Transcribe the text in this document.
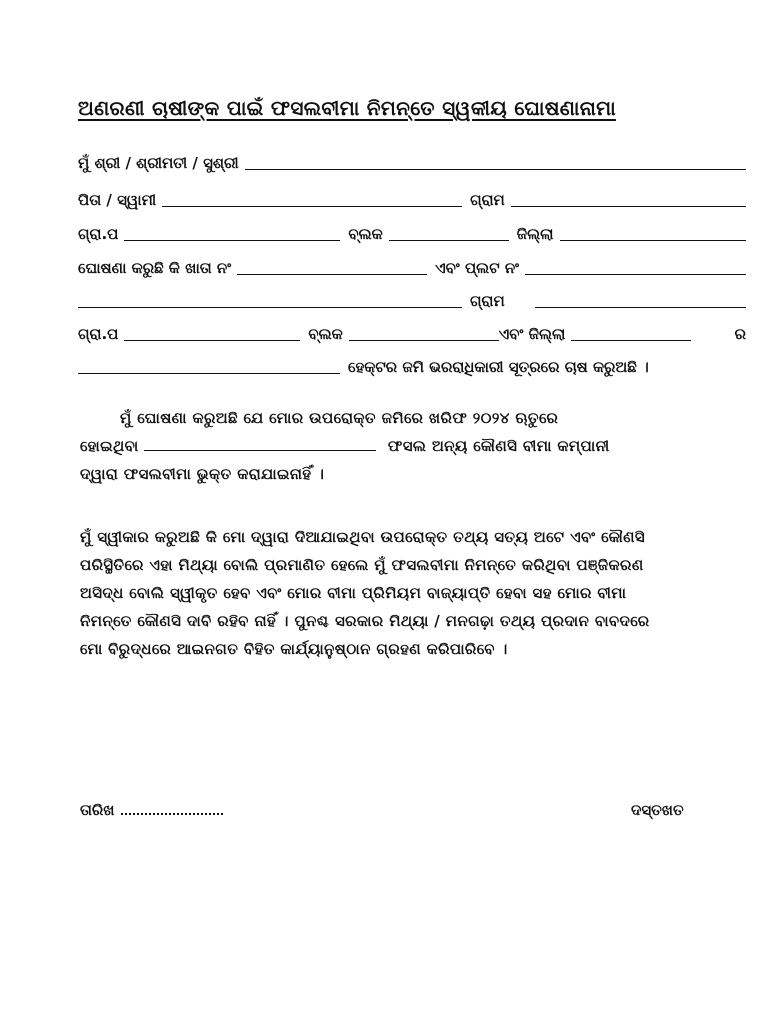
ଅଣରଣୀ ଚାଷୀଙ୍କ ପାଇଁ ଫସଲବୀମା ନିମନ୍ତେ ସ୍ୱକୀୟ ଘୋଷଣାନାମା
ମୁଁ ଶ୍ରୀ / ଶ୍ରୀମତୀ / ସୁଶ୍ରୀ
ପିତା / ସ୍ୱାମୀ	ଗ୍ରାମ
ଗ୍ରା.ପ	ବ୍ଲକ	ଜିଲ୍ଲା
ଘୋଷଣା କରୁଛି କି ଖାତା ନଂ	ଏବଂ ପ୍ଲଟ ନଂ
ଗ୍ରାମ
ଗ୍ରା.ପ	ବ୍ଲକ	ଏବଂ ଜିଲ୍ଲା	ର
ହେକ୍ଟର ଜମି ଭରରାଧିକାରୀ ସୂତ୍ରରେ ଚାଷ କରୁଅଛି ।
ମୁଁ ଘୋଷଣା କରୁଅଛି ଯେ ମୋର ଉପରୋକ୍ତ ଜମିରେ ଖରିଫ ୨୦୨୪ ଋତୁରେ
ହୋଇଥିବା	ଫସଲ ଅନ୍ୟ କୌଣସି ବୀମା କମ୍ପାନୀ
ଦ୍ୱାରା ଫସଲବୀମା ଭୁକ୍ତ କରାଯାଇନାହିଁ ।
ମୁଁ ସ୍ୱୀକାର କରୁଅଛି କି ମୋ ଦ୍ୱାରା ଦିଆଯାଇଥିବା ଉପରୋକ୍ତ ତଥ୍ୟ ସତ୍ୟ ଅଟେ ଏବଂ କୌଣସି
ପରିସ୍ଥିତିରେ ଏହା ମିଥ୍ୟା ବୋଲି ପ୍ରମାଣିତ ହେଲେ ମୁଁ ଫସଲବୀମା ନିମନ୍ତେ କରିଥିବା ପଞ୍ଜିକରଣ
ଅସିଦ୍ଧ ବୋଲି ସ୍ୱୀକୃତ ହେବ ଏବଂ ମୋର ବୀମା ପ୍ରିମିୟମ ବାଜ୍ୟାପ୍ତି ହେବା ସହ ମୋର ବୀମା
ନିମନ୍ତେ କୌଣସି ଦାବି ରହିବ ନାହିଁ । ପୁନଶ୍ଚ ସରକାର ମିଥ୍ୟା / ମନଗଢ଼ା ତଥ୍ୟ ପ୍ରଦାନ ବାବଦରେ
ମୋ ବିରୁଦ୍ଧରେ ଆଇନଗତ ବିହିତ କାର୍ଯ୍ୟାନୁଷ୍ଠାନ ଗ୍ରହଣ କରିପାରିବେ ।
ତାରିଖ	ଦସ୍ତଖତ
